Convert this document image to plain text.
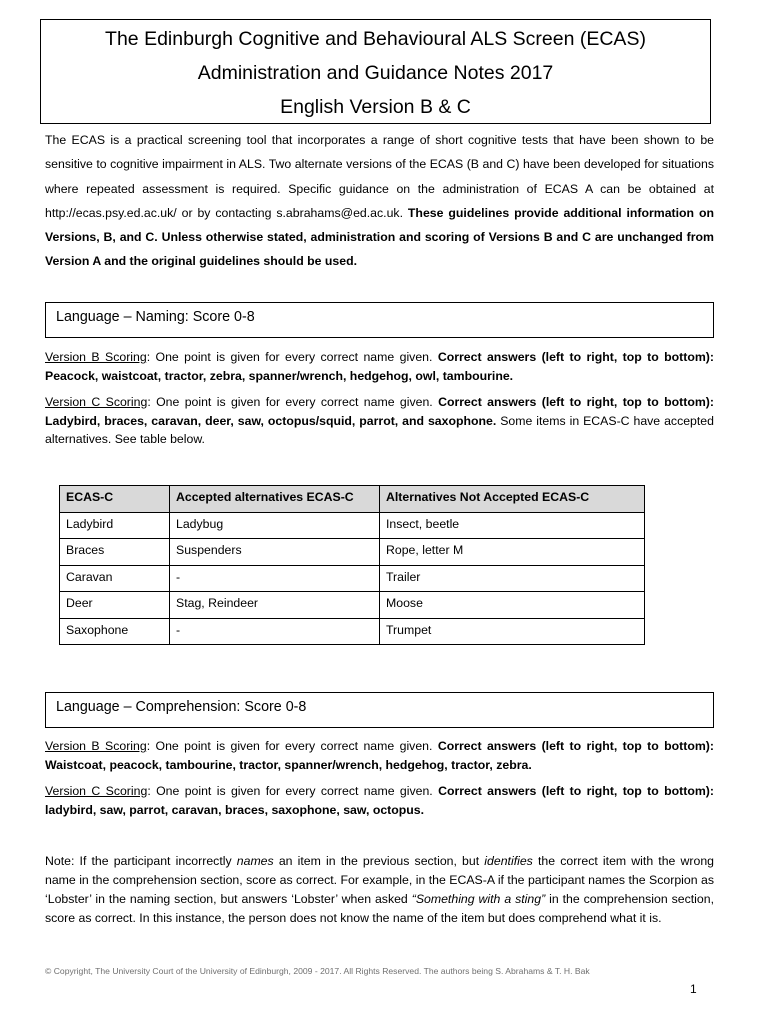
The Edinburgh Cognitive and Behavioural ALS Screen (ECAS)
Administration and Guidance Notes 2017
English Version B & C
The ECAS is a practical screening tool that incorporates a range of short cognitive tests that have been shown to be sensitive to cognitive impairment in ALS. Two alternate versions of the ECAS (B and C) have been developed for situations where repeated assessment is required. Specific guidance on the administration of ECAS A can be obtained at http://ecas.psy.ed.ac.uk/ or by contacting s.abrahams@ed.ac.uk. These guidelines provide additional information on Versions, B, and C. Unless otherwise stated, administration and scoring of Versions B and C are unchanged from Version A and the original guidelines should be used.
Language – Naming: Score 0-8

Version B Scoring: One point is given for every correct name given. Correct answers (left to right, top to bottom): Peacock, waistcoat, tractor, zebra, spanner/wrench, hedgehog, owl, tambourine.

Version C Scoring: One point is given for every correct name given. Correct answers (left to right, top to bottom): Ladybird, braces, caravan, deer, saw, octopus/squid, parrot, and saxophone. Some items in ECAS-C have accepted alternatives. See table below.

ECAS-C	Accepted alternatives ECAS-C	Alternatives Not Accepted ECAS-C
Ladybird	Ladybug	Insect, beetle
Braces	Suspenders	Rope, letter M
Caravan	-	Trailer
Deer	Stag, Reindeer	Moose
Saxophone	-	Trumpet
Language – Comprehension: Score 0-8

Version B Scoring: One point is given for every correct name given. Correct answers (left to right, top to bottom): Waistcoat, peacock, tambourine, tractor, spanner/wrench, hedgehog, tractor, zebra.

Version C Scoring: One point is given for every correct name given. Correct answers (left to right, top to bottom): ladybird, saw, parrot, caravan, braces, saxophone, saw, octopus.

Note: If the participant incorrectly names an item in the previous section, but identifies the correct item with the wrong name in the comprehension section, score as correct. For example, in the ECAS-A if the participant names the Scorpion as ‘Lobster’ in the naming section, but answers ‘Lobster’ when asked “Something with a sting” in the comprehension section, score as correct. In this instance, the person does not know the name of the item but does comprehend what it is.
© Copyright, The University Court of the University of Edinburgh, 2009 - 2017. All Rights Reserved. The authors being S. Abrahams & T. H. Bak
1
